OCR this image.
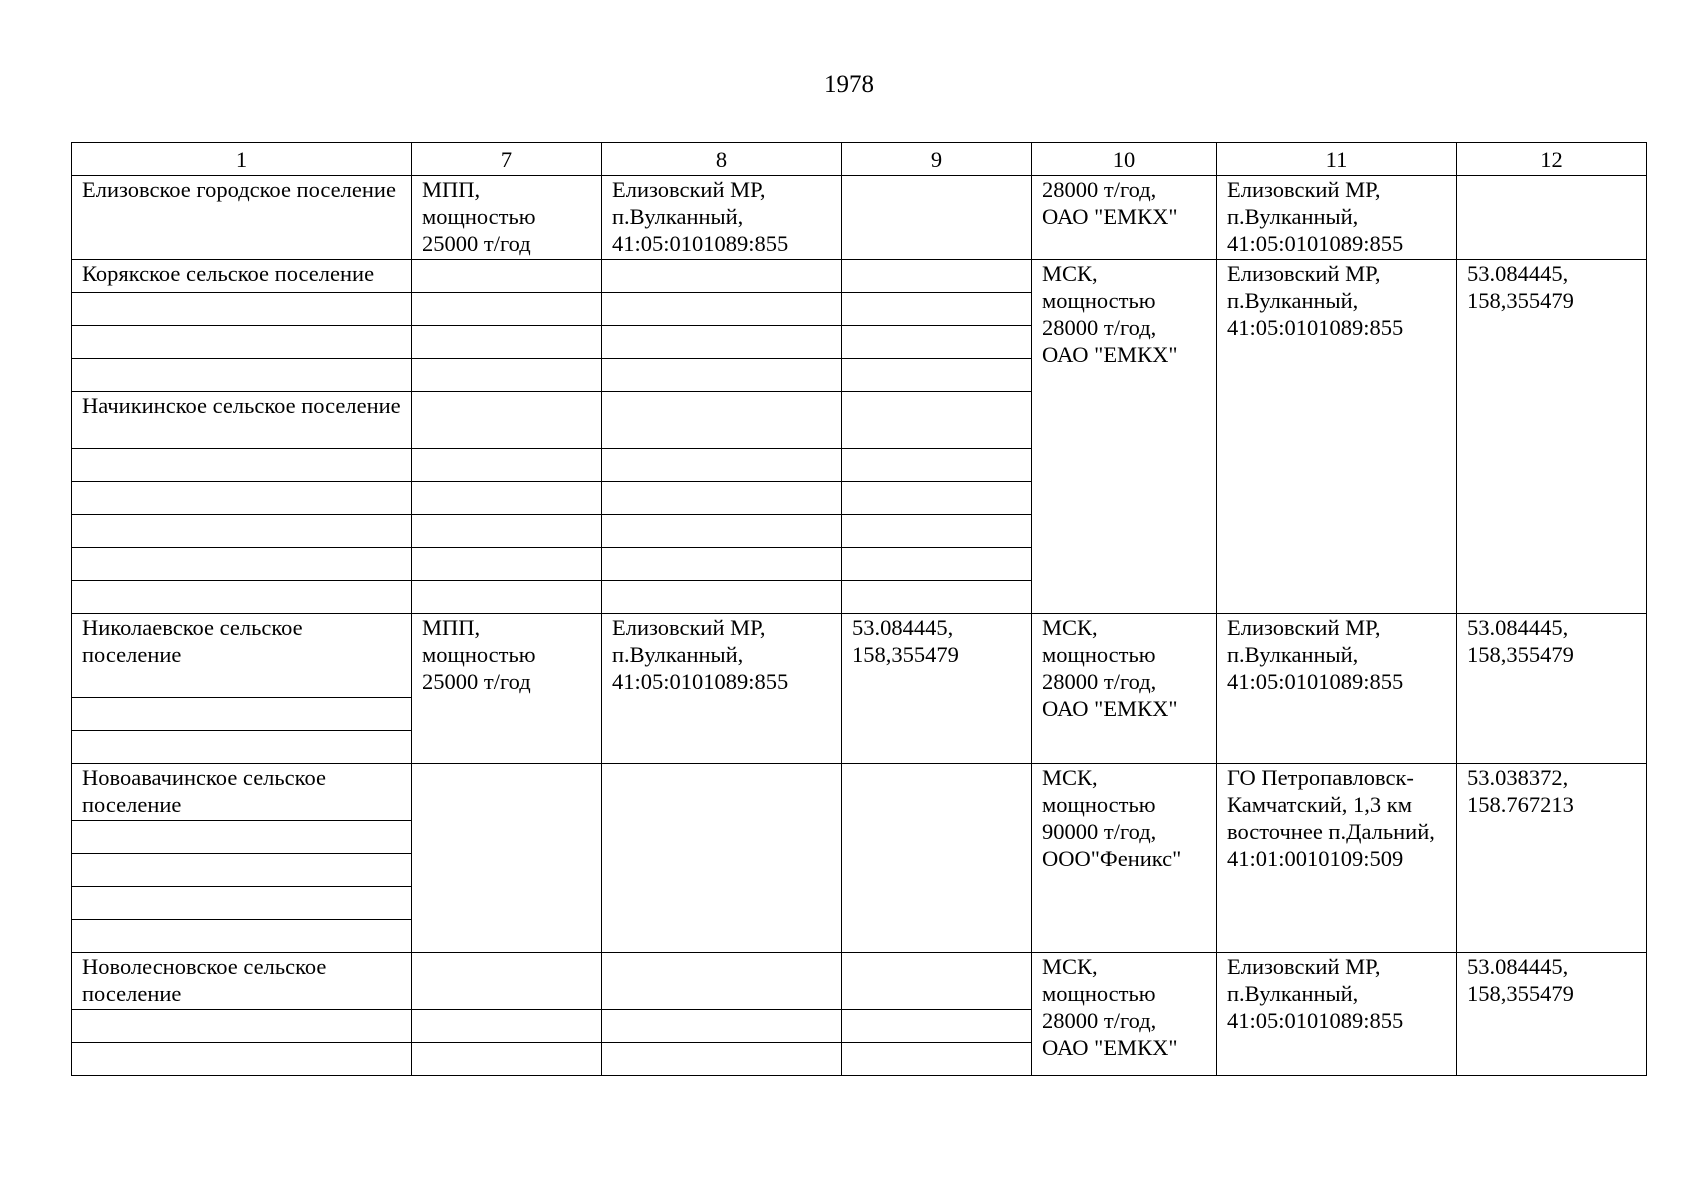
1978
1	7	8	9	10	11	12
Елизовское городское поселение	МПП, мощностью 25000 т/год	Елизовский МР, п.Вулканный, 41:05:0101089:855		28000 т/год, ОАО "ЕМКХ"	Елизовский МР, п.Вулканный, 41:05:0101089:855	
Корякское сельское поселение				МСК, мощностью 28000 т/год, ОАО "ЕМКХ"	Елизовский МР, п.Вулканный, 41:05:0101089:855	53.084445, 158,355479

Начикинское сельское поселение						

Николаевское сельское поселение	МПП, мощностью 25000 т/год	Елизовский МР, п.Вулканный, 41:05:0101089:855	53.084445, 158,355479	МСК, мощностью 28000 т/год, ОАО "ЕМКХ"	Елизовский МР, п.Вулканный, 41:05:0101089:855	53.084445, 158,355479

Новоавачинское сельское поселение				МСК, мощностью 90000 т/год, ООО"Феникс"	ГО Петропавловск-Камчатский, 1,3 км восточнее п.Дальний, 41:01:0010109:509	53.038372, 158.767213

Новолесновское сельское поселение				МСК, мощностью 28000 т/год, ОАО "ЕМКХ"	Елизовский МР, п.Вулканный, 41:05:0101089:855	53.084445, 158,355479
